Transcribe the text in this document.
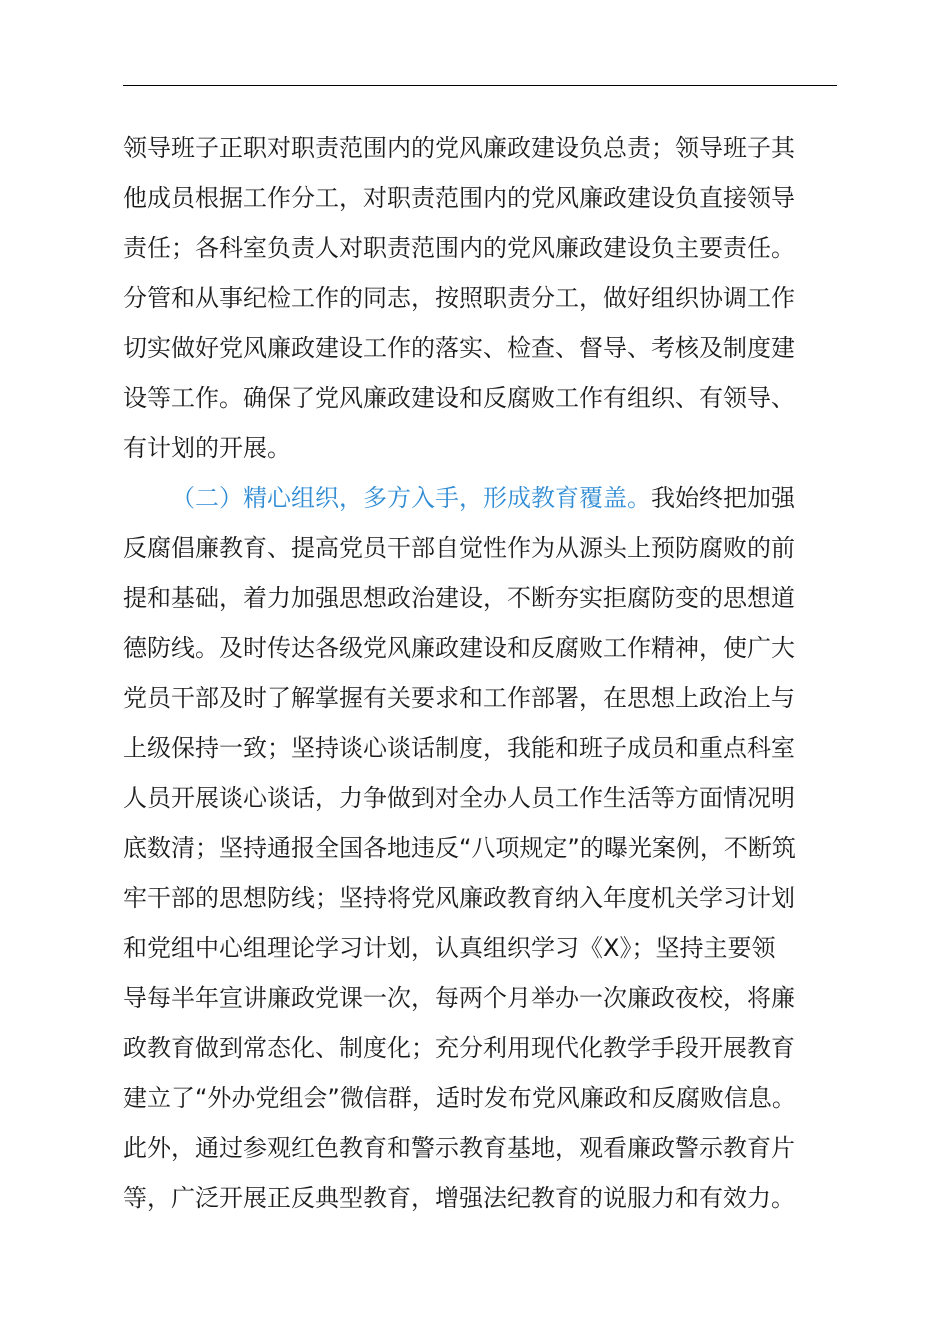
领导班子正职对职责范围内的党风廉政建设负总责；领导班子其
他成员根据工作分工，对职责范围内的党风廉政建设负直接领导
责任；各科室负责人对职责范围内的党风廉政建设负主要责任。
分管和从事纪检工作的同志，按照职责分工，做好组织协调工作
切实做好党风廉政建设工作的落实、检查、督导、考核及制度建
设等工作。确保了党风廉政建设和反腐败工作有组织、有领导、
有计划的开展。
（二）精心组织，多方入手，形成教育覆盖。我始终把加强
反腐倡廉教育、提高党员干部自觉性作为从源头上预防腐败的前
提和基础，着力加强思想政治建设，不断夯实拒腐防变的思想道
德防线。及时传达各级党风廉政建设和反腐败工作精神，使广大
党员干部及时了解掌握有关要求和工作部署，在思想上政治上与
上级保持一致；坚持谈心谈话制度，我能和班子成员和重点科室
人员开展谈心谈话，力争做到对全办人员工作生活等方面情况明
底数清；坚持通报全国各地违反“八项规定”的曝光案例，不断筑
牢干部的思想防线；坚持将党风廉政教育纳入年度机关学习计划
和党组中心组理论学习计划，认真组织学习《X》；坚持主要领
导每半年宣讲廉政党课一次，每两个月举办一次廉政夜校，将廉
政教育做到常态化、制度化；充分利用现代化教学手段开展教育
建立了“外办党组会”微信群，适时发布党风廉政和反腐败信息。
此外，通过参观红色教育和警示教育基地，观看廉政警示教育片
等，广泛开展正反典型教育，增强法纪教育的说服力和有效力。
